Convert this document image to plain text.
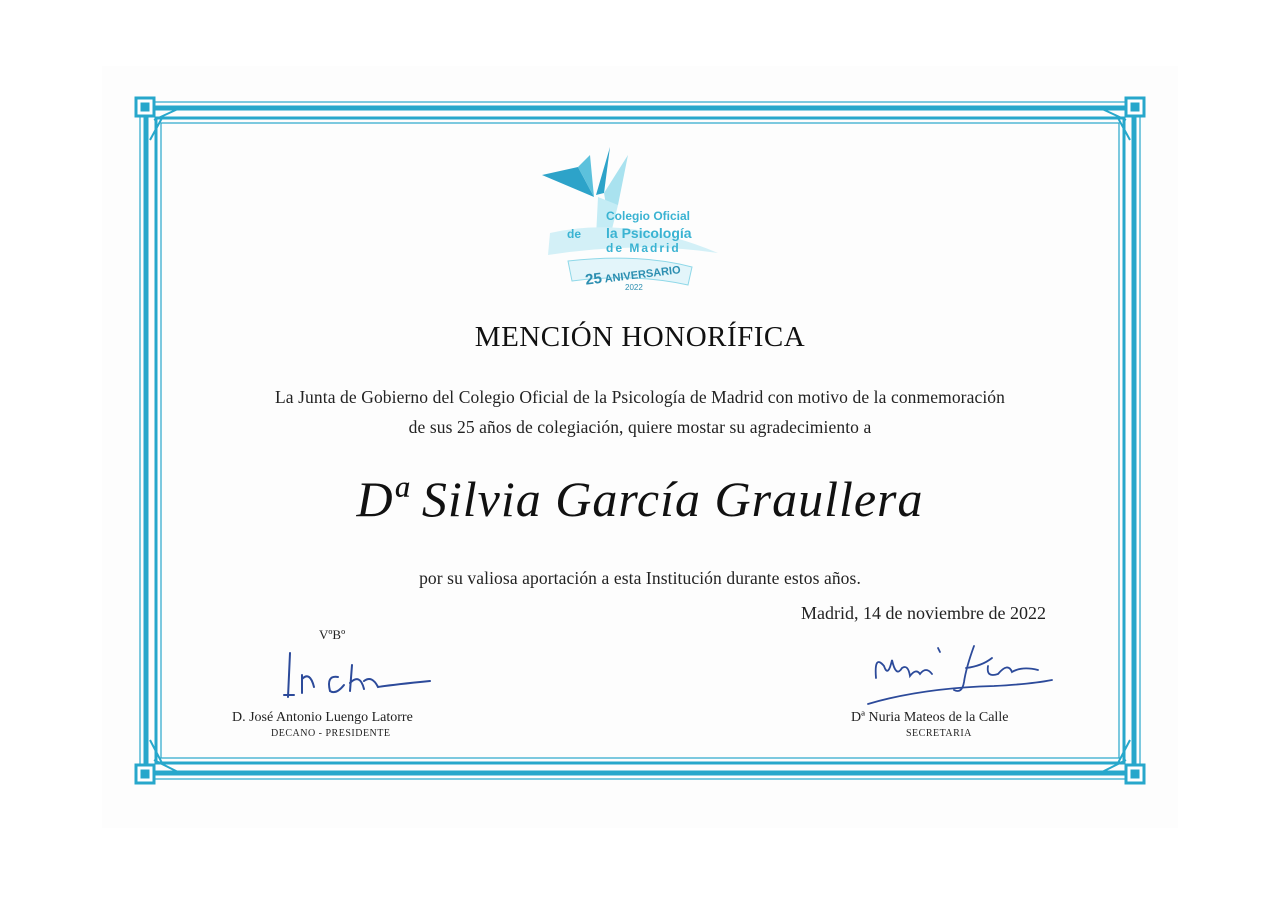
Colegio Oficial
de la Psicología
de Madrid
25 ANIVERSARIO
2022
MENCIÓN HONORÍFICA
La Junta de Gobierno del Colegio Oficial de la Psicología de Madrid con motivo de la conmemoración
de sus 25 años de colegiación, quiere mostar su agradecimiento a
Dª Silvia García Graullera
por su valiosa aportación a esta Institución durante estos años.
Madrid, 14 de noviembre de 2022
VºBº
D. José Antonio Luengo Latorre
DECANO - PRESIDENTE
Dª Nuria Mateos de la Calle
SECRETARIA
